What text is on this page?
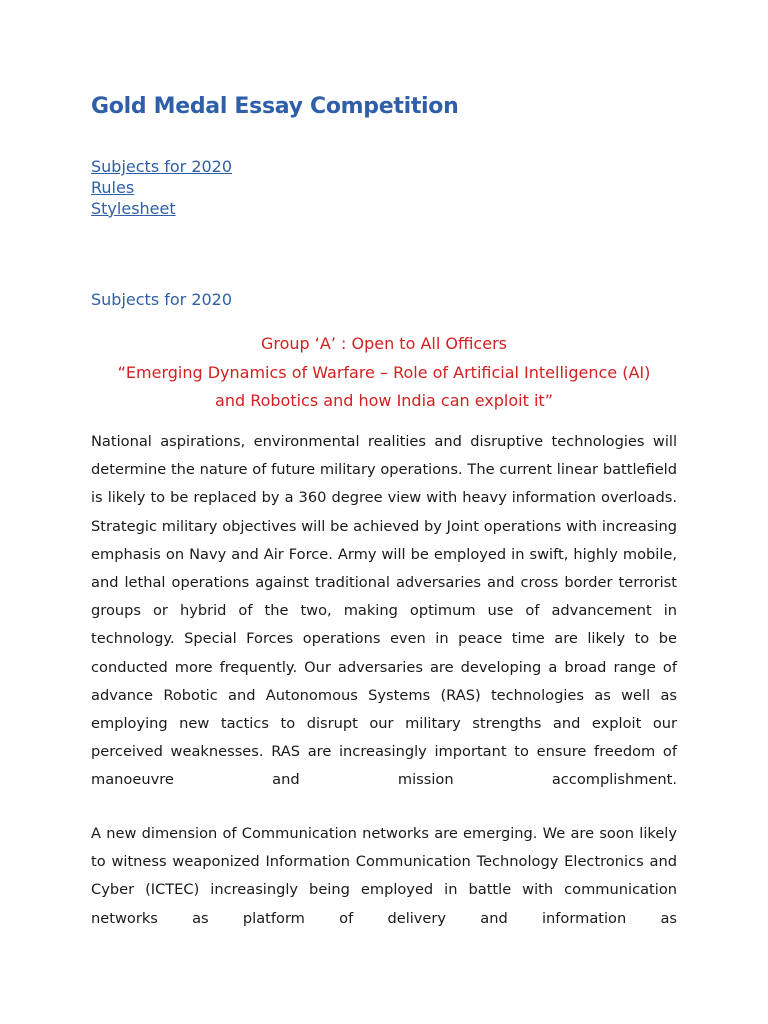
Gold Medal Essay Competition
Subjects for 2020
Rules
Stylesheet
Subjects for 2020
Group ‘A’ : Open to All Officers
“Emerging Dynamics of Warfare – Role of Artificial Intelligence (AI)
and Robotics and how India can exploit it”

National aspirations, environmental realities and disruptive technologies will determine the nature of future military operations. The current linear battlefield is likely to be replaced by a 360 degree view with heavy information overloads. Strategic military objectives will be achieved by Joint operations with increasing emphasis on Navy and Air Force. Army will be employed in swift, highly mobile, and lethal operations against traditional adversaries and cross border terrorist groups or hybrid of the two, making optimum use of advancement in technology. Special Forces operations even in peace time are likely to be conducted more frequently. Our adversaries are developing a broad range of advance Robotic and Autonomous Systems (RAS) technologies as well as employing new tactics to disrupt our military strengths and exploit our perceived weaknesses. RAS are increasingly important to ensure freedom of manoeuvre and mission accomplishment.

A new dimension of Communication networks are emerging. We are soon likely to witness weaponized Information Communication Technology Electronics and Cyber (ICTEC) increasingly being employed in battle with communication networks as platform of delivery and information as
